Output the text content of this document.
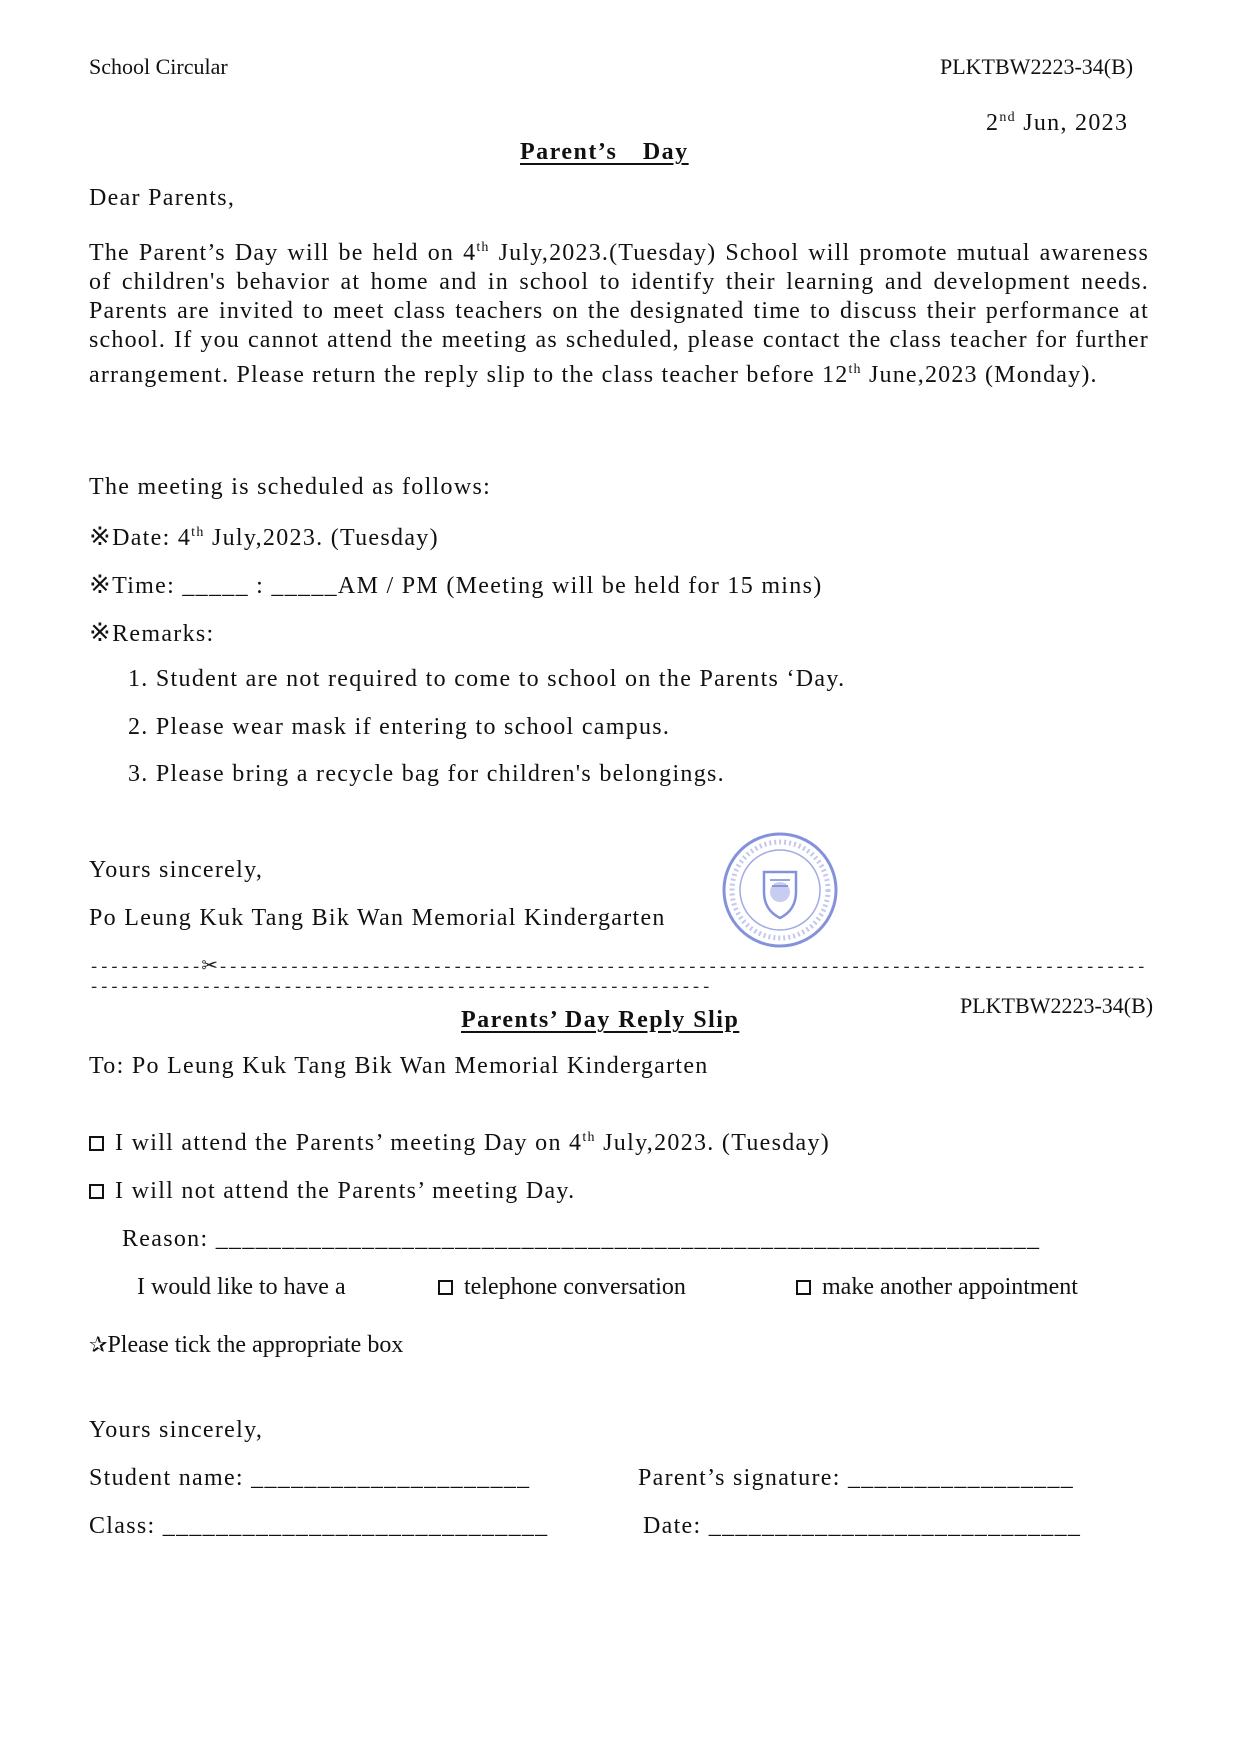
School Circular	PLKTBW2223-34(B)
2nd Jun, 2023
Parent’s Day
Dear Parents,
The Parent’s Day will be held on 4th July,2023.(Tuesday) School will promote mutual awareness of children's behavior at home and in school to identify their learning and development needs. Parents are invited to meet class teachers on the designated time to discuss their performance at school. If you cannot attend the meeting as scheduled, please contact the class teacher for further arrangement. Please return the reply slip to the class teacher before 12th June,2023 (Monday).
The meeting is scheduled as follows:
※Date: 4th July,2023. (Tuesday)
※Time: _____ : _____AM / PM (Meeting will be held for 15 mins)
※Remarks:
1. Student are not required to come to school on the Parents ‘Day.
2. Please wear mask if entering to school campus.
3. Please bring a recycle bag for children's belongings.
Yours sincerely,
Po Leung Kuk Tang Bik Wan Memorial Kindergarten
-----------✂--------------------------------------------------------------------------------------------------------------------------------------------------------
PLKTBW2223-34(B)
Parents’ Day Reply Slip
To: Po Leung Kuk Tang Bik Wan Memorial Kindergarten
I will attend the Parents’ meeting Day on 4th July,2023. (Tuesday)
I will not attend the Parents’ meeting Day.
Reason: ______________________________________________________________
I would like to have a	telephone conversation	make another appointment
✰Please tick the appropriate box
Yours sincerely,
Student name: _____________________	Parent’s signature: _________________
Class: _____________________________	Date: ____________________________
